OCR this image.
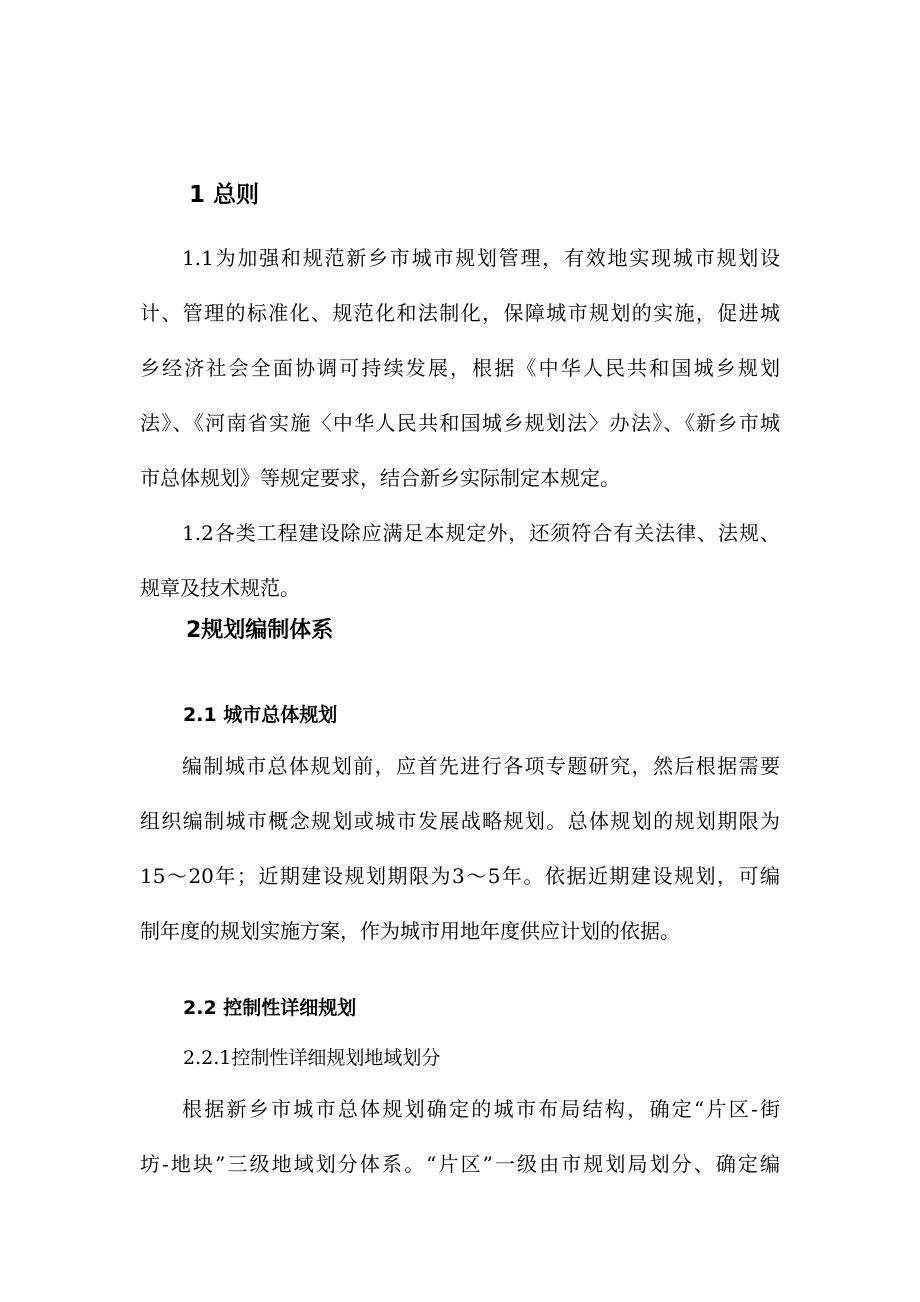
1 总则
1.1为加强和规范新乡市城市规划管理，有效地实现城市规划设
计、管理的标准化、规范化和法制化，保障城市规划的实施，促进城
乡经济社会全面协调可持续发展，根据《中华人民共和国城乡规划
法》、《河南省实施〈中华人民共和国城乡规划法〉办法》、《新乡市城
市总体规划》等规定要求，结合新乡实际制定本规定。
1.2各类工程建设除应满足本规定外，还须符合有关法律、法规、
规章及技术规范。
2规划编制体系
2.1 城市总体规划
编制城市总体规划前，应首先进行各项专题研究，然后根据需要
组织编制城市概念规划或城市发展战略规划。总体规划的规划期限为
15～20年；近期建设规划期限为3～5年。依据近期建设规划，可编
制年度的规划实施方案，作为城市用地年度供应计划的依据。
2.2 控制性详细规划
2.2.1控制性详细规划地域划分
根据新乡市城市总体规划确定的城市布局结构，确定“片区-街
坊-地块”三级地域划分体系。“片区”一级由市规划局划分、确定编
